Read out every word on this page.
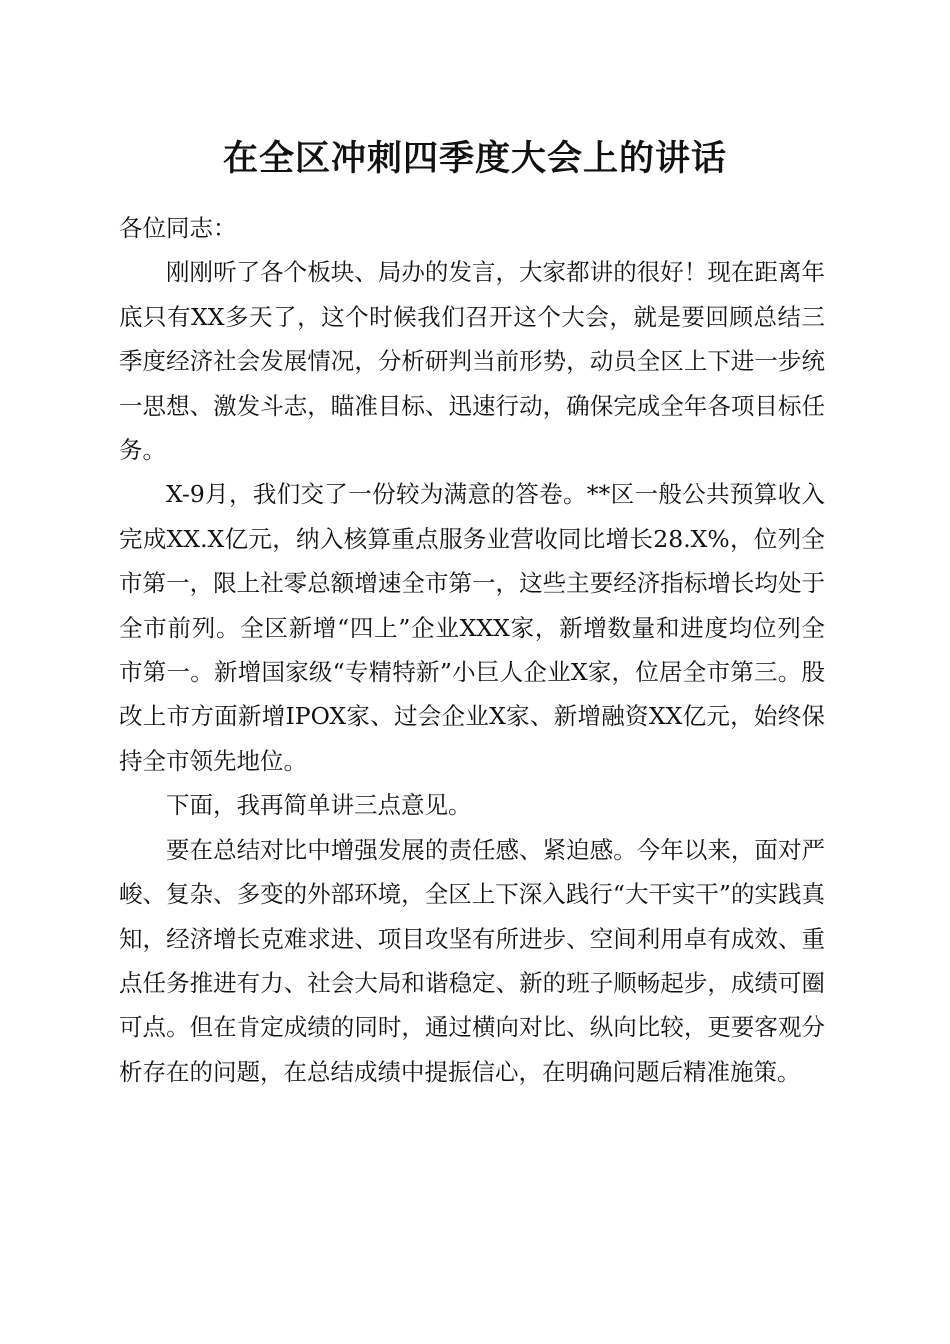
在全区冲刺四季度大会上的讲话

各位同志：

刚刚听了各个板块、局办的发言，大家都讲的很好！现在距离年底只有XX多天了，这个时候我们召开这个大会，就是要回顾总结三季度经济社会发展情况，分析研判当前形势，动员全区上下进一步统一思想、激发斗志，瞄准目标、迅速行动，确保完成全年各项目标任务。

X-9月，我们交了一份较为满意的答卷。**区一般公共预算收入完成XX.X亿元，纳入核算重点服务业营收同比增长28.X%，位列全市第一，限上社零总额增速全市第一，这些主要经济指标增长均处于全市前列。全区新增“四上”企业XXX家，新增数量和进度均位列全市第一。新增国家级“专精特新”小巨人企业X家，位居全市第三。股改上市方面新增IPOX家、过会企业X家、新增融资XX亿元，始终保持全市领先地位。

下面，我再简单讲三点意见。

要在总结对比中增强发展的责任感、紧迫感。今年以来，面对严峻、复杂、多变的外部环境，全区上下深入践行“大干实干”的实践真知，经济增长克难求进、项目攻坚有所进步、空间利用卓有成效、重点任务推进有力、社会大局和谐稳定、新的班子顺畅起步，成绩可圈可点。但在肯定成绩的同时，通过横向对比、纵向比较，更要客观分析存在的问题，在总结成绩中提振信心，在明确问题后精准施策。
